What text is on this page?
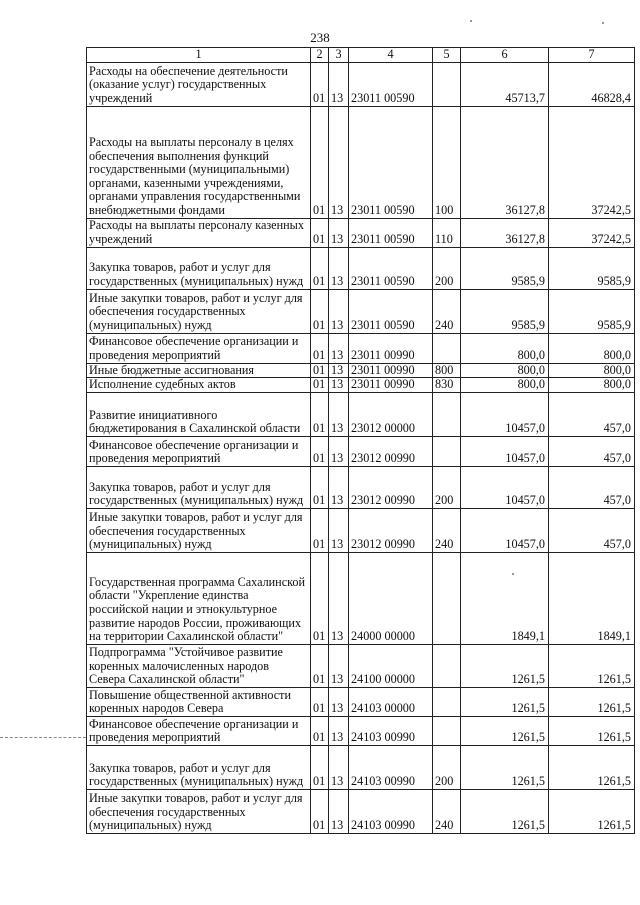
238
1	2	3	4	5	6	7
Расходы на обеспечение деятельности (оказание услуг) государственных учреждений	01	13	23011 00590		45713,7	46828,4
Расходы на выплаты персоналу в целях обеспечения выполнения функций государственными (муниципальными) органами, казенными учреждениями, органами управления государственными внебюджетными фондами	01	13	23011 00590	100	36127,8	37242,5
Расходы на выплаты персоналу казенных учреждений	01	13	23011 00590	110	36127,8	37242,5
Закупка товаров, работ и услуг для государственных (муниципальных) нужд	01	13	23011 00590	200	9585,9	9585,9
Иные закупки товаров, работ и услуг для обеспечения государственных (муниципальных) нужд	01	13	23011 00590	240	9585,9	9585,9
Финансовое обеспечение организации и проведения мероприятий	01	13	23011 00990		800,0	800,0
Иные бюджетные ассигнования	01	13	23011 00990	800	800,0	800,0
Исполнение судебных актов	01	13	23011 00990	830	800,0	800,0
Развитие инициативного бюджетирования в Сахалинской области	01	13	23012 00000		10457,0	457,0
Финансовое обеспечение организации и проведения мероприятий	01	13	23012 00990		10457,0	457,0
Закупка товаров, работ и услуг для государственных (муниципальных) нужд	01	13	23012 00990	200	10457,0	457,0
Иные закупки товаров, работ и услуг для обеспечения государственных (муниципальных) нужд	01	13	23012 00990	240	10457,0	457,0
Государственная программа Сахалинской области "Укрепление единства российской нации и этнокультурное развитие народов России, проживающих на территории Сахалинской области"	01	13	24000 00000		1849,1	1849,1
Подпрограмма "Устойчивое развитие коренных малочисленных народов Севера Сахалинской области"	01	13	24100 00000		1261,5	1261,5
Повышение общественной активности коренных народов Севера	01	13	24103 00000		1261,5	1261,5
Финансовое обеспечение организации и проведения мероприятий	01	13	24103 00990		1261,5	1261,5
Закупка товаров, работ и услуг для государственных (муниципальных) нужд	01	13	24103 00990	200	1261,5	1261,5
Иные закупки товаров, работ и услуг для обеспечения государственных (муниципальных) нужд	01	13	24103 00990	240	1261,5	1261,5
